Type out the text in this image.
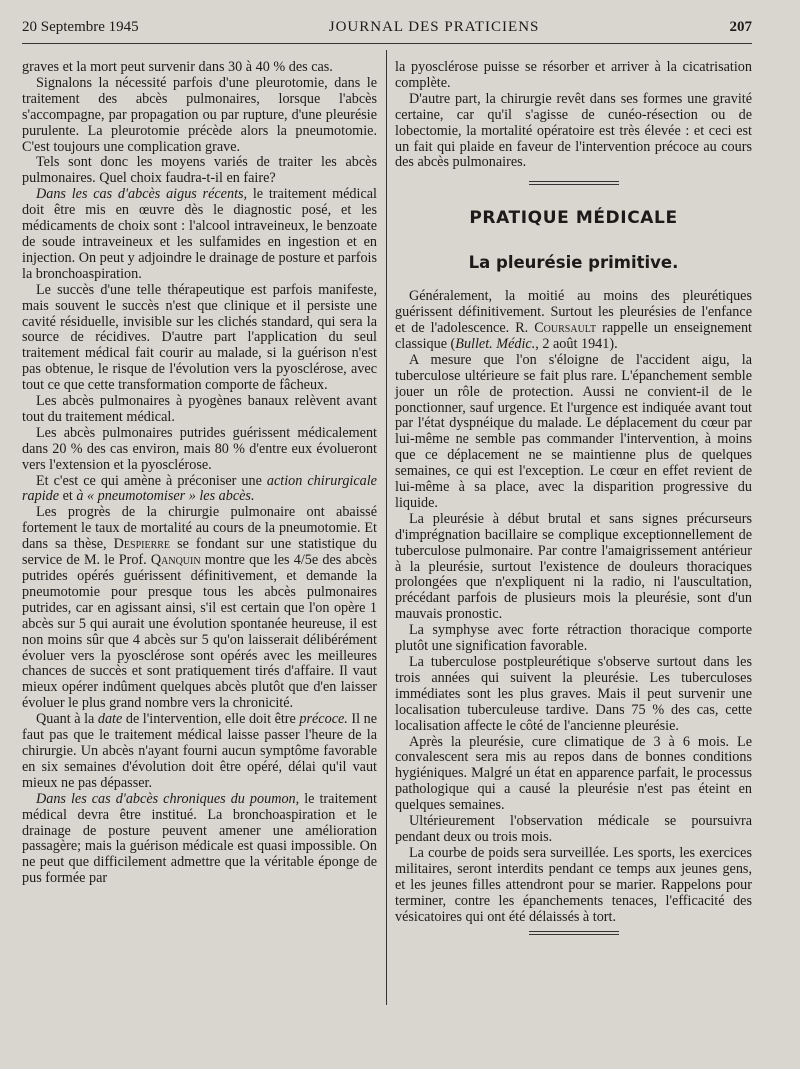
20 Septembre 1945	JOURNAL DES PRATICIENS	207

graves et la mort peut survenir dans 30 à 40 % des cas.

Signalons la nécessité parfois d'une pleurotomie, dans le traitement des abcès pulmonaires, lorsque l'abcès s'accompagne, par propagation ou par rupture, d'une pleurésie purulente. La pleurotomie précède alors la pneumotomie. C'est toujours une complication grave.

Tels sont donc les moyens variés de traiter les abcès pulmonaires. Quel choix faudra-t-il en faire?

Dans les cas d'abcès aigus récents, le traitement médical doit être mis en œuvre dès le diagnostic posé, et les médicaments de choix sont : l'alcool intraveineux, le benzoate de soude intraveineux et les sulfamides en ingestion et en injection. On peut y adjoindre le drainage de posture et parfois la bronchoaspiration.

Le succès d'une telle thérapeutique est parfois manifeste, mais souvent le succès n'est que clinique et il persiste une cavité résiduelle, invisible sur les clichés standard, qui sera la source de récidives. D'autre part l'application du seul traitement médical fait courir au malade, si la guérison n'est pas obtenue, le risque de l'évolution vers la pyosclérose, avec tout ce que cette transformation comporte de fâcheux.

Les abcès pulmonaires à pyogènes banaux relèvent avant tout du traitement médical.

Les abcès pulmonaires putrides guérissent médicalement dans 20 % des cas environ, mais 80 % d'entre eux évolueront vers l'extension et la pyosclérose.

Et c'est ce qui amène à préconiser une action chirurgicale rapide et à « pneumotomiser » les abcès.

Les progrès de la chirurgie pulmonaire ont abaissé fortement le taux de mortalité au cours de la pneumotomie. Et dans sa thèse, Despierre se fondant sur une statistique du service de M. le Prof. Qanquin montre que les 4/5e des abcès putrides opérés guérissent définitivement, et demande la pneumotomie pour presque tous les abcès pulmonaires putrides, car en agissant ainsi, s'il est certain que l'on opère 1 abcès sur 5 qui aurait une évolution spontanée heureuse, il est non moins sûr que 4 abcès sur 5 qu'on laisserait délibérément évoluer vers la pyosclérose sont opérés avec les meilleures chances de succès et sont pratiquement tirés d'affaire. Il vaut mieux opérer indûment quelques abcès plutôt que d'en laisser évoluer le plus grand nombre vers la chronicité.

Quant à la date de l'intervention, elle doit être précoce. Il ne faut pas que le traitement médical laisse passer l'heure de la chirurgie. Un abcès n'ayant fourni aucun symptôme favorable en six semaines d'évolution doit être opéré, délai qu'il vaut mieux ne pas dépasser.

Dans les cas d'abcès chroniques du poumon, le traitement médical devra être institué. La bronchoaspiration et le drainage de posture peuvent amener une amélioration passagère; mais la guérison médicale est quasi impossible. On ne peut que difficilement admettre que la véritable éponge de pus formée par

la pyosclérose puisse se résorber et arriver à la cicatrisation complète.

D'autre part, la chirurgie revêt dans ses formes une gravité certaine, car qu'il s'agisse de cunéo-résection ou de lobectomie, la mortalité opératoire est très élevée : et ceci est un fait qui plaide en faveur de l'intervention précoce au cours des abcès pulmonaires.

PRATIQUE MÉDICALE
La pleurésie primitive.

Généralement, la moitié au moins des pleurétiques guérissent définitivement. Surtout les pleurésies de l'enfance et de l'adolescence. R. Coursault rappelle un enseignement classique (Bullet. Médic., 2 août 1941).

A mesure que l'on s'éloigne de l'accident aigu, la tuberculose ultérieure se fait plus rare. L'épanchement semble jouer un rôle de protection. Aussi ne convient-il de le ponctionner, sauf urgence. Et l'urgence est indiquée avant tout par l'état dyspnéique du malade. Le déplacement du cœur par lui-même ne semble pas commander l'intervention, à moins que ce déplacement ne se maintienne plus de quelques semaines, ce qui est l'exception. Le cœur en effet revient de lui-même à sa place, avec la disparition progressive du liquide.

La pleurésie à début brutal et sans signes précurseurs d'imprégnation bacillaire se complique exceptionnellement de tuberculose pulmonaire. Par contre l'amaigrissement antérieur à la pleurésie, surtout l'existence de douleurs thoraciques prolongées que n'expliquent ni la radio, ni l'auscultation, précédant parfois de plusieurs mois la pleurésie, sont d'un mauvais pronostic.

La symphyse avec forte rétraction thoracique comporte plutôt une signification favorable.

La tuberculose postpleurétique s'observe surtout dans les trois années qui suivent la pleurésie. Les tuberculoses immédiates sont les plus graves. Mais il peut survenir une localisation tuberculeuse tardive. Dans 75 % des cas, cette localisation affecte le côté de l'ancienne pleurésie.

Après la pleurésie, cure climatique de 3 à 6 mois. Le convalescent sera mis au repos dans de bonnes conditions hygiéniques. Malgré un état en apparence parfait, le processus pathologique qui a causé la pleurésie n'est pas éteint en quelques semaines.

Ultérieurement l'observation médicale se poursuivra pendant deux ou trois mois.

La courbe de poids sera surveillée. Les sports, les exercices militaires, seront interdits pendant ce temps aux jeunes gens, et les jeunes filles attendront pour se marier. Rappelons pour terminer, contre les épanchements tenaces, l'efficacité des vésicatoires qui ont été délaissés à tort.
